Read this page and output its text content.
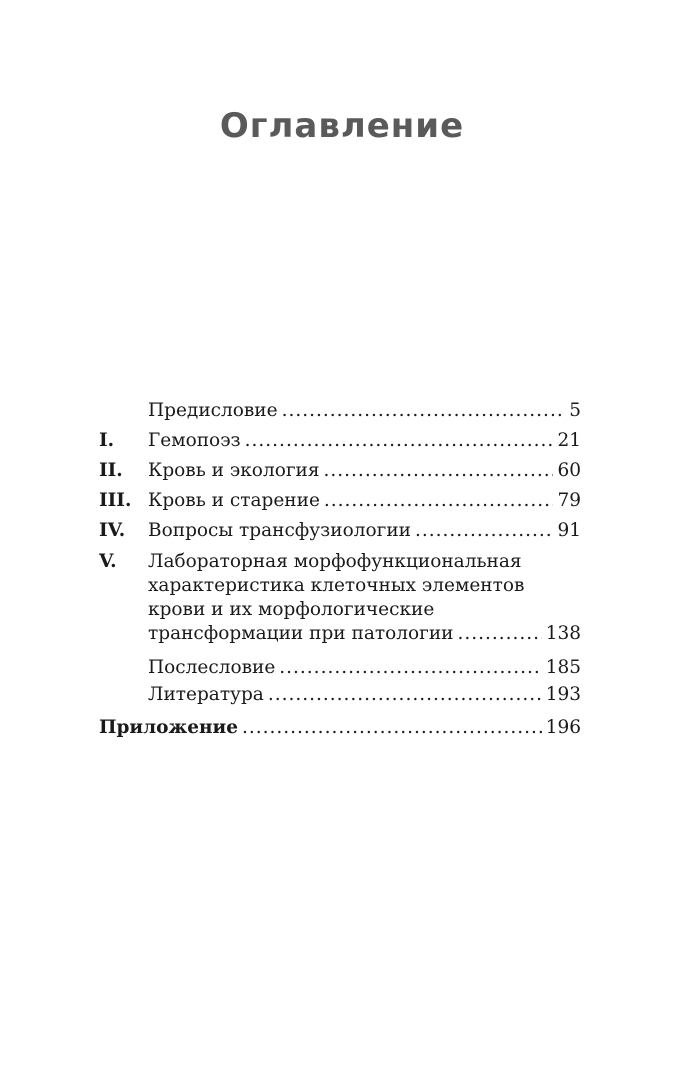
Оглавление
Предисловие .....	5
I. Гемопоэз .....	21
II. Кровь и экология .....	60
III. Кровь и старение .....	79
IV. Вопросы трансфузиологии .....	91
V. Лабораторная морфофункциональная
характеристика клеточных элементов
крови и их морфологические
трансформации при патологии .....	138
Послесловие .....	185
Литература .....	193
Приложение .....	196
